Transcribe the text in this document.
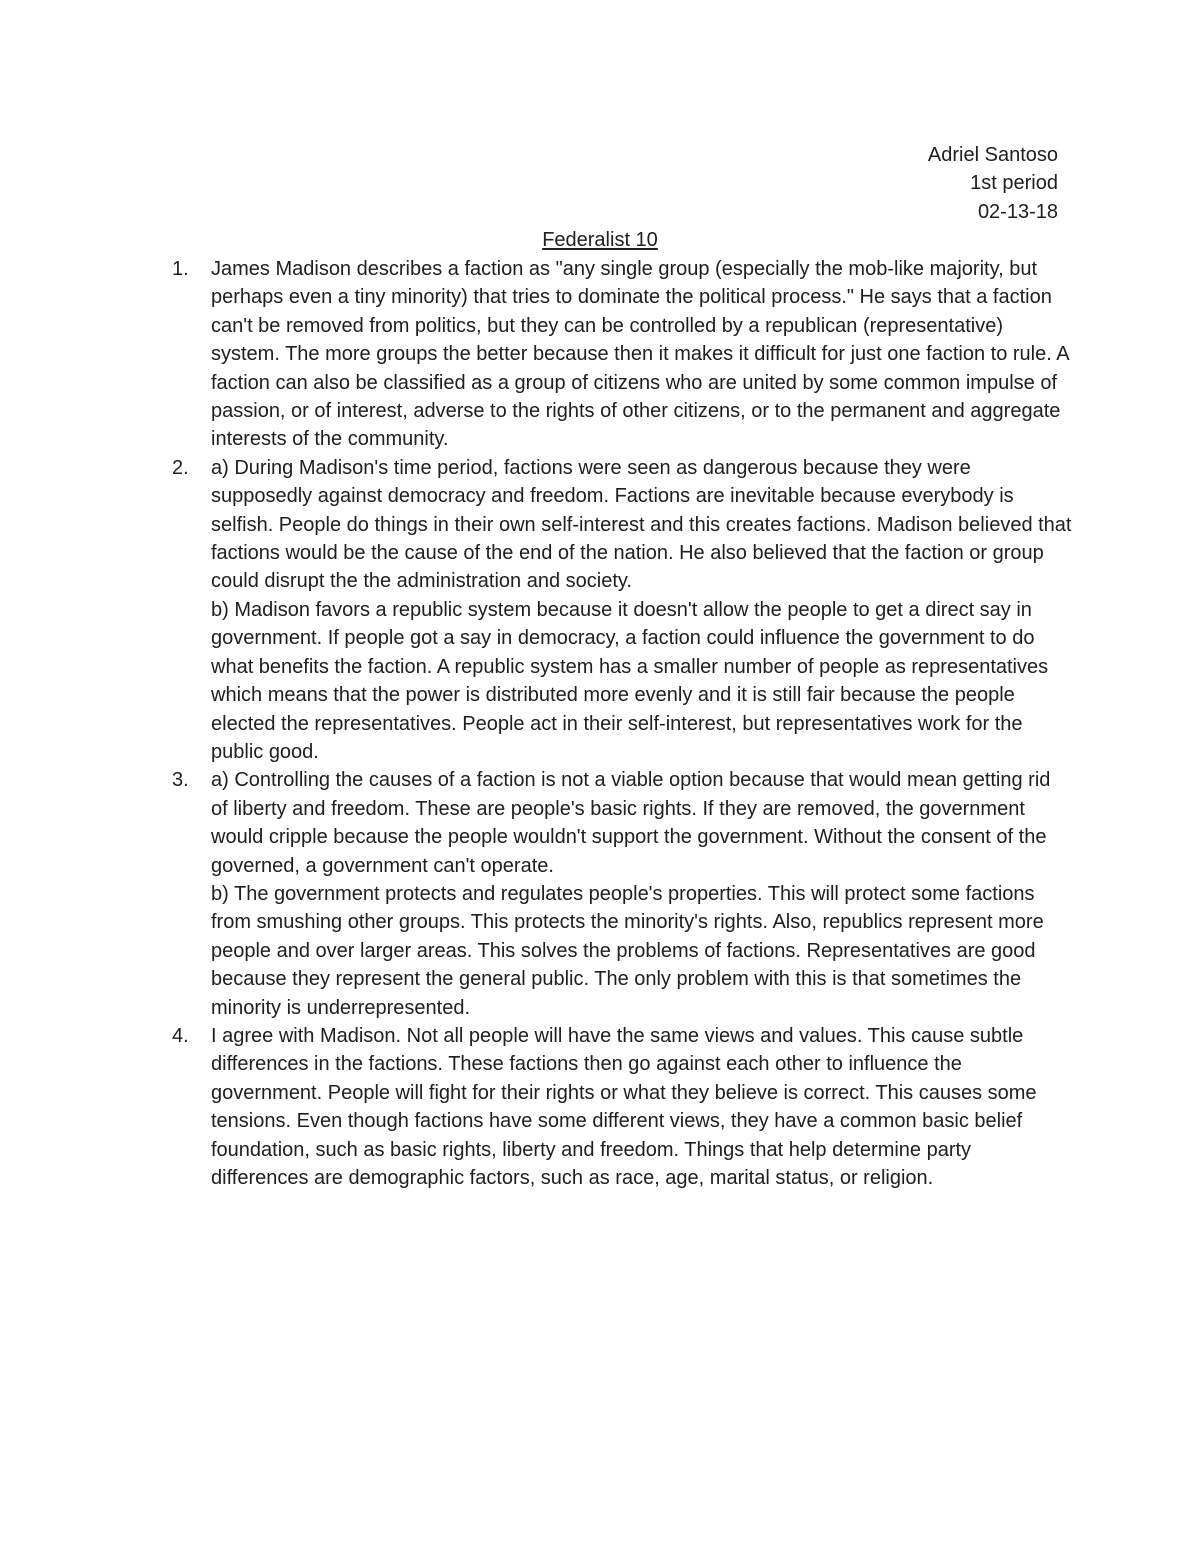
Adriel Santoso
1st period
02-13-18
Federalist 10
1. James Madison describes a faction as "any single group (especially the mob-like majority, but perhaps even a tiny minority) that tries to dominate the political process." He says that a faction can't be removed from politics, but they can be controlled by a republican (representative) system. The more groups the better because then it makes it difficult for just one faction to rule. A faction can also be classified as a group of citizens who are united by some common impulse of passion, or of interest, adverse to the rights of other citizens, or to the permanent and aggregate interests of the community.

2. a) During Madison's time period, factions were seen as dangerous because they were supposedly against democracy and freedom. Factions are inevitable because everybody is selfish. People do things in their own self-interest and this creates factions. Madison believed that factions would be the cause of the end of the nation. He also believed that the faction or group could disrupt the the administration and society.

b) Madison favors a republic system because it doesn't allow the people to get a direct say in government. If people got a say in democracy, a faction could influence the government to do what benefits the faction. A republic system has a smaller number of people as representatives which means that the power is distributed more evenly and it is still fair because the people elected the representatives. People act in their self-interest, but representatives work for the public good.

3. a) Controlling the causes of a faction is not a viable option because that would mean getting rid of liberty and freedom. These are people's basic rights. If they are removed, the government would cripple because the people wouldn't support the government. Without the consent of the governed, a government can't operate.

b) The government protects and regulates people's properties. This will protect some factions from smushing other groups. This protects the minority's rights. Also, republics represent more people and over larger areas. This solves the problems of factions. Representatives are good because they represent the general public. The only problem with this is that sometimes the minority is underrepresented.

4. I agree with Madison. Not all people will have the same views and values. This cause subtle differences in the factions. These factions then go against each other to influence the government. People will fight for their rights or what they believe is correct. This causes some tensions. Even though factions have some different views, they have a common basic belief foundation, such as basic rights, liberty and freedom. Things that help determine party differences are demographic factors, such as race, age, marital status, or religion.
